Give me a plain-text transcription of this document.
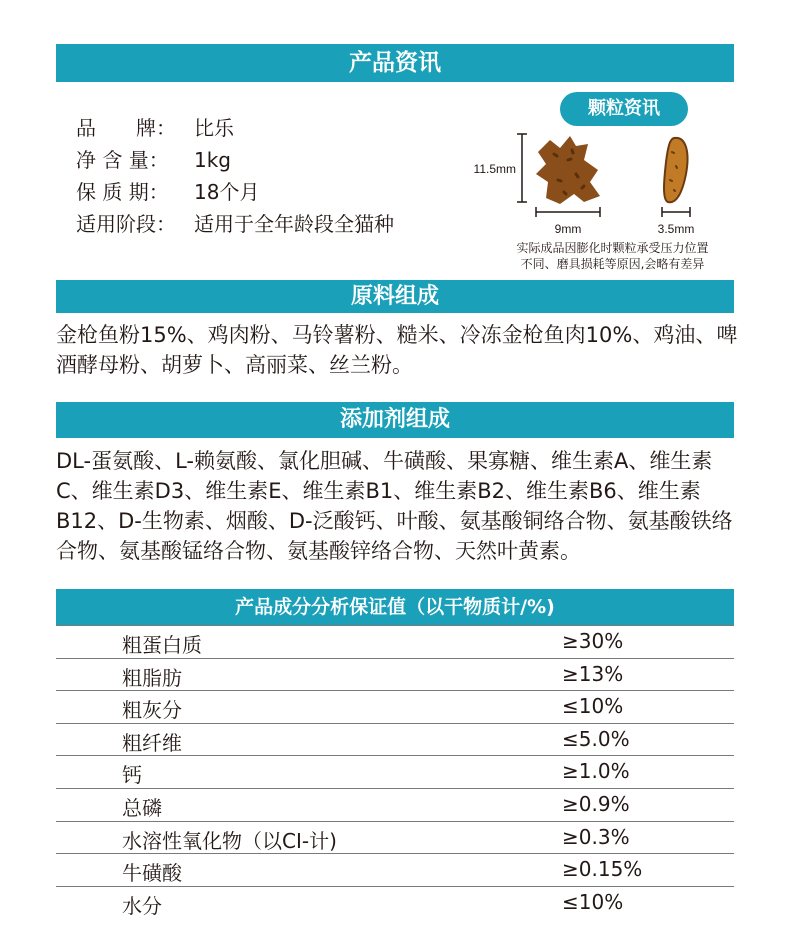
产品资讯
品　　牌： 比乐
净 含 量： 1kg
保 质 期： 18个月
适用阶段： 适用于全年龄段全猫种
颗粒资讯
11.5mm
9mm	3.5mm
实际成品因膨化时颗粒承受压力位置
不同、磨具损耗等原因,会略有差异
原料组成
金枪鱼粉15%、鸡肉粉、马铃薯粉、糙米、冷冻金枪鱼肉10%、鸡油、啤酒酵母粉、胡萝卜、高丽菜、丝兰粉。
添加剂组成
DL-蛋氨酸、L-赖氨酸、氯化胆碱、牛磺酸、果寡糖、维生素A、维生素C、维生素D3、维生素E、维生素B1、维生素B2、维生素B6、维生素B12、D-生物素、烟酸、D-泛酸钙、叶酸、氨基酸铜络合物、氨基酸铁络合物、氨基酸锰络合物、氨基酸锌络合物、天然叶黄素。
产品成分分析保证值（以干物质计/%)
粗蛋白质	≥30%
粗脂肪	≥13%
粗灰分	≤10%
粗纤维	≤5.0%
钙	≥1.0%
总磷	≥0.9%
水溶性氧化物（以CI-计)	≥0.3%
牛磺酸	≥0.15%
水分	≤10%
